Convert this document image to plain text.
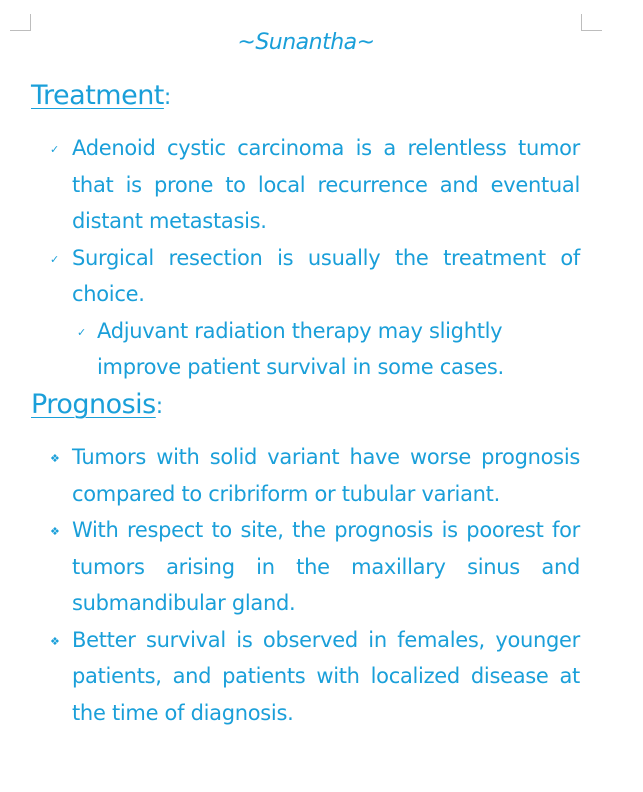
~Sunantha~
Treatment:
✓ Adenoid cystic carcinoma is a relentless tumor that is prone to local recurrence and eventual distant metastasis.
✓ Surgical resection is usually the treatment of choice.
✓ Adjuvant radiation therapy may slightly improve patient survival in some cases.
Prognosis:
❖ Tumors with solid variant have worse prognosis compared to cribriform or tubular variant.
❖ With respect to site, the prognosis is poorest for tumors arising in the maxillary sinus and submandibular gland.
❖ Better survival is observed in females, younger patients, and patients with localized disease at the time of diagnosis.
